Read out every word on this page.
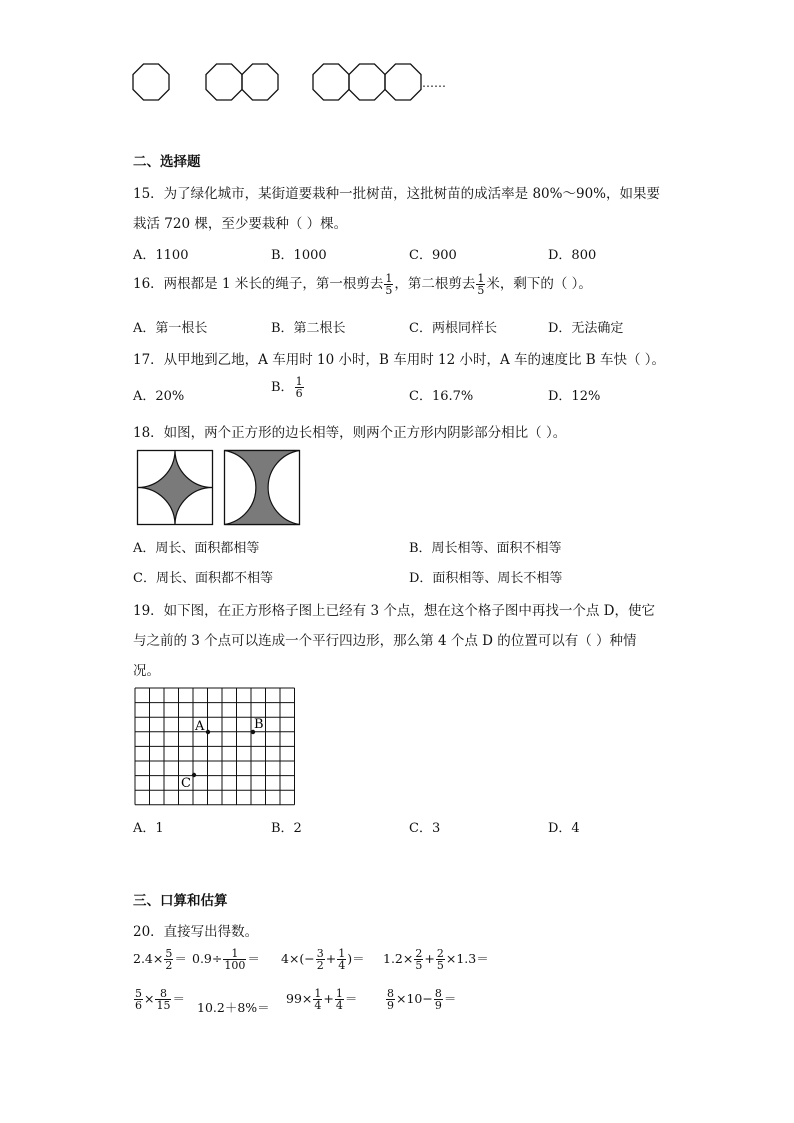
……
二、选择题
15．为了绿化城市，某街道要栽种一批树苗，这批树苗的成活率是 80%～90%，如果要
栽活 720 棵，至少要栽种（ ）棵。
A．1100	B．1000	C．900	D．800
16．两根都是 1 米长的绳子，第一根剪去 $\frac{1}{5}$ ，第二根剪去 $\frac{1}{5}$ 米，剩下的（ ）。
A．第一根长	B．第二根长	C．两根同样长	D．无法确定
17．从甲地到乙地，A 车用时 10 小时，B 车用时 12 小时，A 车的速度比 B 车快（ ）。
A．20%
B． $\frac{1}{6}$	C．16.7%	D．12%
18．如图，两个正方形的边长相等，则两个正方形内阴影部分相比（ ）。
A．周长、面积都相等	B．周长相等、面积不相等
C．周长、面积都不相等	D．面积相等、周长不相等
19．如下图，在正方形格子图上已经有 3 个点，想在这个格子图中再找一个点 D，使它
与之前的 3 个点可以连成一个平行四边形，那么第 4 个点 D 的位置可以有（ ）种情
况。
A	B
C
A．1	B．2	C．3	D．4
三、口算和估算
20．直接写出得数。
$2.4\times \frac{5}{2} = 0.9\div \frac{1}{100} = 4\times(- \frac{3}{2} + \frac{1}{4}$ )＝ $1.2\times \frac{2}{5} + \frac{2}{5} \times 1.3=$
$\frac{5}{6} \times \frac{8}{15}$ ＝
10.2＋8%＝
$99\times \frac{1}{4} + \frac{1}{4}$ ＝	$\frac{8}{9} \times 10- \frac{8}{9}$ ＝
